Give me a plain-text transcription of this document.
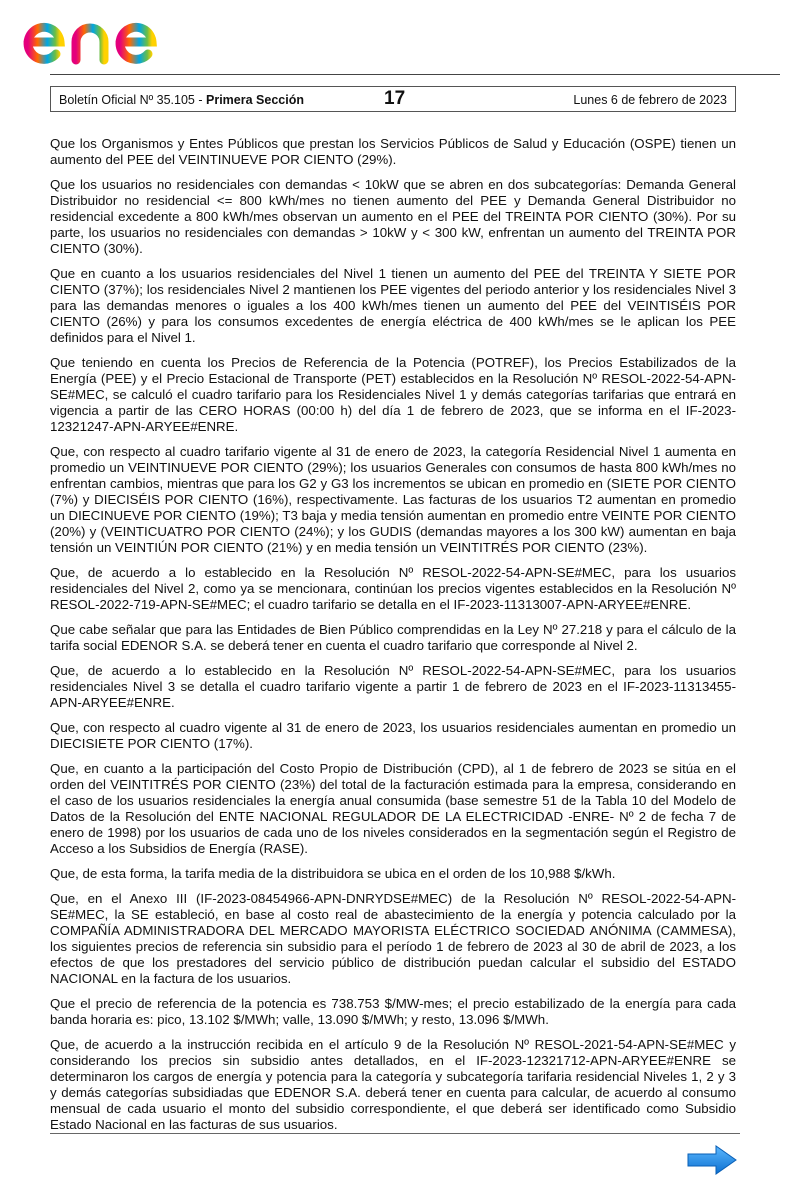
Boletín Oficial Nº 35.105 - Primera Sección	17	Lunes 6 de febrero de 2023

Que los Organismos y Entes Públicos que prestan los Servicios Públicos de Salud y Educación (OSPE) tienen un aumento del PEE del VEINTINUEVE POR CIENTO (29%).

Que los usuarios no residenciales con demandas < 10kW que se abren en dos subcategorías: Demanda General Distribuidor no residencial <= 800 kWh/mes no tienen aumento del PEE y Demanda General Distribuidor no residencial excedente a 800 kWh/mes observan un aumento en el PEE del TREINTA POR CIENTO (30%). Por su parte, los usuarios no residenciales con demandas > 10kW y < 300 kW, enfrentan un aumento del TREINTA POR CIENTO (30%).

Que en cuanto a los usuarios residenciales del Nivel 1 tienen un aumento del PEE del TREINTA Y SIETE POR CIENTO (37%); los residenciales Nivel 2 mantienen los PEE vigentes del periodo anterior y los residenciales Nivel 3 para las demandas menores o iguales a los 400 kWh/mes tienen un aumento del PEE del VEINTISÉIS POR CIENTO (26%) y para los consumos excedentes de energía eléctrica de 400 kWh/mes se le aplican los PEE definidos para el Nivel 1.

Que teniendo en cuenta los Precios de Referencia de la Potencia (POTREF), los Precios Estabilizados de la Energía (PEE) y el Precio Estacional de Transporte (PET) establecidos en la Resolución Nº RESOL-2022-54-APN-SE#MEC, se calculó el cuadro tarifario para los Residenciales Nivel 1 y demás categorías tarifarias que entrará en vigencia a partir de las CERO HORAS (00:00 h) del día 1 de febrero de 2023, que se informa en el IF-2023-12321247-APN-ARYEE#ENRE.

Que, con respecto al cuadro tarifario vigente al 31 de enero de 2023, la categoría Residencial Nivel 1 aumenta en promedio un VEINTINUEVE POR CIENTO (29%); los usuarios Generales con consumos de hasta 800 kWh/mes no enfrentan cambios, mientras que para los G2 y G3 los incrementos se ubican en promedio en (SIETE POR CIENTO (7%) y DIECISÉIS POR CIENTO (16%), respectivamente. Las facturas de los usuarios T2 aumentan en promedio un DIECINUEVE POR CIENTO (19%); T3 baja y media tensión aumentan en promedio entre VEINTE POR CIENTO (20%) y (VEINTICUATRO POR CIENTO (24%); y los GUDIS (demandas mayores a los 300 kW) aumentan en baja tensión un VEINTIÚN POR CIENTO (21%) y en media tensión un VEINTITRÉS POR CIENTO (23%).

Que, de acuerdo a lo establecido en la Resolución Nº RESOL-2022-54-APN-SE#MEC, para los usuarios residenciales del Nivel 2, como ya se mencionara, continúan los precios vigentes establecidos en la Resolución Nº RESOL-2022-719-APN-SE#MEC; el cuadro tarifario se detalla en el IF-2023-11313007-APN-ARYEE#ENRE.

Que cabe señalar que para las Entidades de Bien Público comprendidas en la Ley Nº 27.218 y para el cálculo de la tarifa social EDENOR S.A. se deberá tener en cuenta el cuadro tarifario que corresponde al Nivel 2.

Que, de acuerdo a lo establecido en la Resolución Nº RESOL-2022-54-APN-SE#MEC, para los usuarios residenciales Nivel 3 se detalla el cuadro tarifario vigente a partir 1 de febrero de 2023 en el IF-2023-11313455-APN-ARYEE#ENRE.

Que, con respecto al cuadro vigente al 31 de enero de 2023, los usuarios residenciales aumentan en promedio un DIECISIETE POR CIENTO (17%).

Que, en cuanto a la participación del Costo Propio de Distribución (CPD), al 1 de febrero de 2023 se sitúa en el orden del VEINTITRÉS POR CIENTO (23%) del total de la facturación estimada para la empresa, considerando en el caso de los usuarios residenciales la energía anual consumida (base semestre 51 de la Tabla 10 del Modelo de Datos de la Resolución del ENTE NACIONAL REGULADOR DE LA ELECTRICIDAD -ENRE- Nº 2 de fecha 7 de enero de 1998) por los usuarios de cada uno de los niveles considerados en la segmentación según el Registro de Acceso a los Subsidios de Energía (RASE).

Que, de esta forma, la tarifa media de la distribuidora se ubica en el orden de los 10,988 $/kWh.

Que, en el Anexo III (IF-2023-08454966-APN-DNRYDSE#MEC) de la Resolución Nº RESOL-2022-54-APN-SE#MEC, la SE estableció, en base al costo real de abastecimiento de la energía y potencia calculado por la COMPAÑÍA ADMINISTRADORA DEL MERCADO MAYORISTA ELÉCTRICO SOCIEDAD ANÓNIMA (CAMMESA), los siguientes precios de referencia sin subsidio para el período 1 de febrero de 2023 al 30 de abril de 2023, a los efectos de que los prestadores del servicio público de distribución puedan calcular el subsidio del ESTADO NACIONAL en la factura de los usuarios.

Que el precio de referencia de la potencia es 738.753 $/MW-mes; el precio estabilizado de la energía para cada banda horaria es: pico, 13.102 $/MWh; valle, 13.090 $/MWh; y resto, 13.096 $/MWh.

Que, de acuerdo a la instrucción recibida en el artículo 9 de la Resolución Nº RESOL-2021-54-APN-SE#MEC y considerando los precios sin subsidio antes detallados, en el IF-2023-12321712-APN-ARYEE#ENRE se determinaron los cargos de energía y potencia para la categoría y subcategoría tarifaria residencial Niveles 1, 2 y 3 y demás categorías subsidiadas que EDENOR S.A. deberá tener en cuenta para calcular, de acuerdo al consumo mensual de cada usuario el monto del subsidio correspondiente, el que deberá ser identificado como Subsidio Estado Nacional en las facturas de sus usuarios.
